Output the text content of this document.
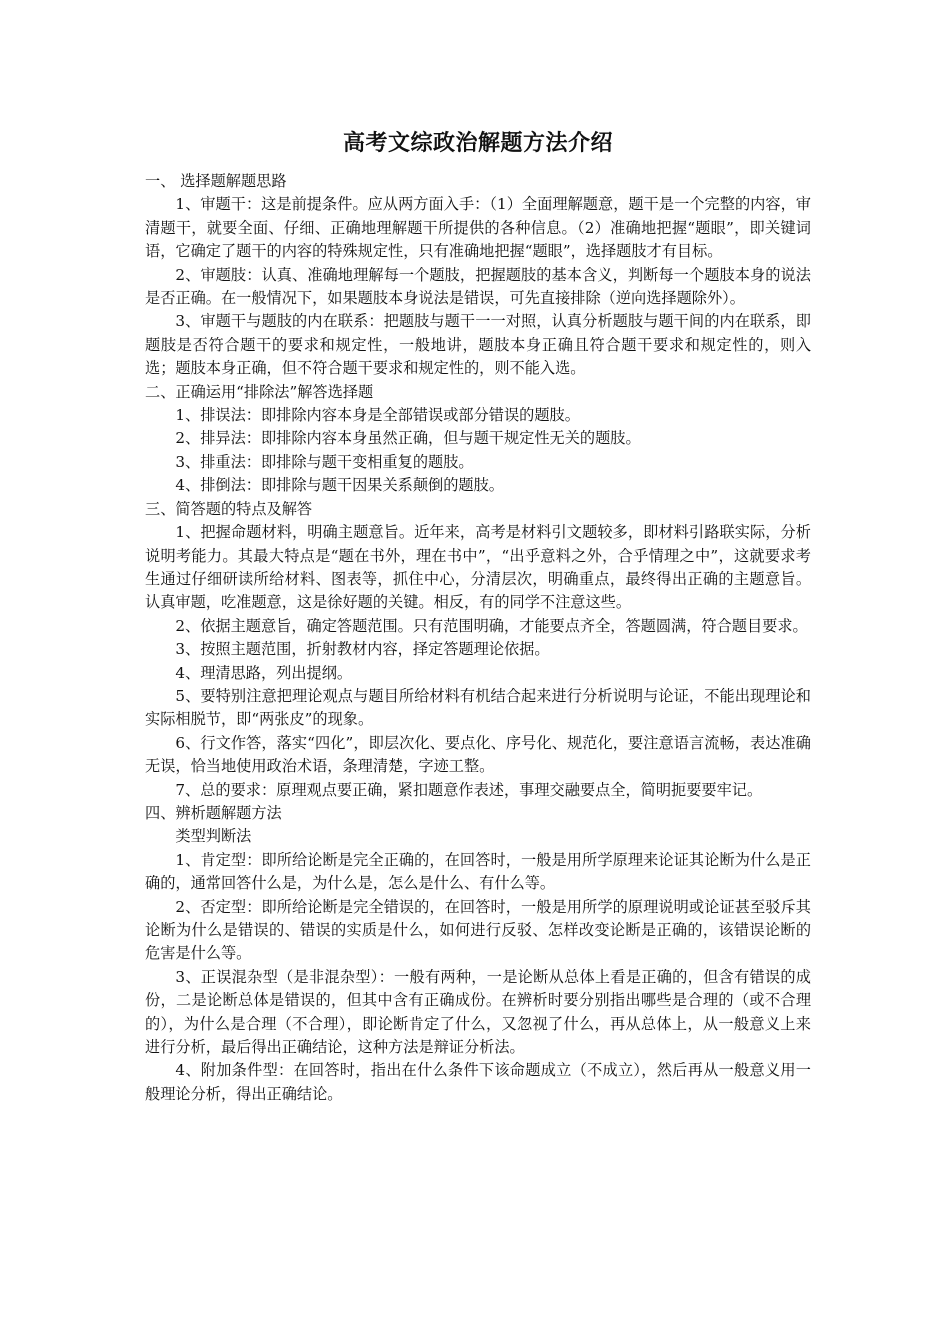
高考文综政治解题方法介绍
一、 选择题解题思路
1、审题干：这是前提条件。应从两方面入手：（1）全面理解题意，题干是一个完整的内容，审清题干，就要全面、仔细、正确地理解题干所提供的各种信息。（2）准确地把握“题眼”，即关键词语，它确定了题干的内容的特殊规定性，只有准确地把握“题眼”，选择题肢才有目标。
2、审题肢：认真、准确地理解每一个题肢，把握题肢的基本含义，判断每一个题肢本身的说法是否正确。在一般情况下，如果题肢本身说法是错误，可先直接排除（逆向选择题除外）。
3、审题干与题肢的内在联系：把题肢与题干一一对照，认真分析题肢与题干间的内在联系，即题肢是否符合题干的要求和规定性，一般地讲，题肢本身正确且符合题干要求和规定性的，则入选；题肢本身正确，但不符合题干要求和规定性的，则不能入选。
二、正确运用“排除法”解答选择题
1、排误法：即排除内容本身是全部错误或部分错误的题肢。
2、排异法：即排除内容本身虽然正确，但与题干规定性无关的题肢。
3、排重法：即排除与题干变相重复的题肢。
4、排倒法：即排除与题干因果关系颠倒的题肢。
三、简答题的特点及解答
1、把握命题材料，明确主题意旨。近年来，高考是材料引文题较多，即材料引路联实际，分析说明考能力。其最大特点是“题在书外，理在书中”，“出乎意料之外，合乎情理之中”，这就要求考生通过仔细研读所给材料、图表等，抓住中心，分清层次，明确重点，最终得出正确的主题意旨。认真审题，吃准题意，这是徐好题的关键。相反，有的同学不注意这些。
2、依据主题意旨，确定答题范围。只有范围明确，才能要点齐全，答题圆满，符合题目要求。
3、按照主题范围，折射教材内容，择定答题理论依据。
4、理清思路，列出提纲。
5、要特别注意把理论观点与题目所给材料有机结合起来进行分析说明与论证，不能出现理论和实际相脱节，即“两张皮”的现象。
6、行文作答，落实“四化”，即层次化、要点化、序号化、规范化，要注意语言流畅，表达准确无误，恰当地使用政治术语，条理清楚，字迹工整。
7、总的要求：原理观点要正确，紧扣题意作表述，事理交融要点全，简明扼要要牢记。
四、辨析题解题方法
类型判断法
1、肯定型：即所给论断是完全正确的，在回答时，一般是用所学原理来论证其论断为什么是正确的，通常回答什么是，为什么是，怎么是什么、有什么等。
2、否定型：即所给论断是完全错误的，在回答时，一般是用所学的原理说明或论证甚至驳斥其论断为什么是错误的、错误的实质是什么，如何进行反驳、怎样改变论断是正确的，该错误论断的危害是什么等。
3、正误混杂型（是非混杂型）：一般有两种，一是论断从总体上看是正确的，但含有错误的成份，二是论断总体是错误的，但其中含有正确成份。在辨析时要分别指出哪些是合理的（或不合理的），为什么是合理（不合理），即论断肯定了什么，又忽视了什么，再从总体上，从一般意义上来进行分析，最后得出正确结论，这种方法是辩证分析法。
4、附加条件型：在回答时，指出在什么条件下该命题成立（不成立），然后再从一般意义用一般理论分析，得出正确结论。
